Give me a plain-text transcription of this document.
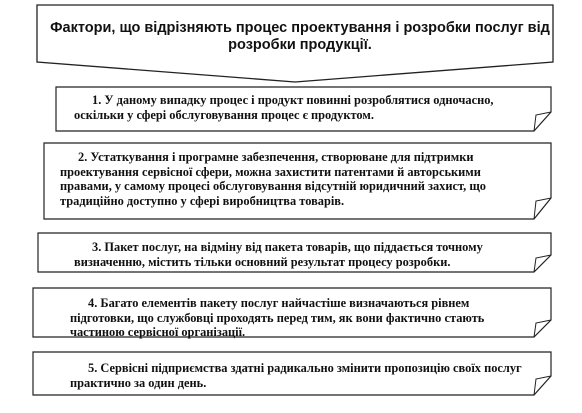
Фактори, що відрізняють процес проектування і розробки послуг від розробки продукції.
1. У даному випадку процес і продукт повинні розроблятися одночасно, оскільки у сфері обслуговування процес є продуктом.
2. Устаткування і програмне забезпечення, створюване для підтримки проектування сервісної сфери, можна захистити патентами й авторськими правами, у самому процесі обслуговування відсутній юридичний захист, що традиційно доступно у сфері виробництва товарів.
3. Пакет послуг, на відміну від пакета товарів, що піддається точному визначенню, містить тільки основний результат процесу розробки.
4. Багато елементів пакету послуг найчастіше визначаються рівнем підготовки, що службовці проходять перед тим, як вони фактично стають частиною сервісної організації.
5. Сервісні підприємства здатні радикально змінити пропозицію своїх послуг практично за один день.
